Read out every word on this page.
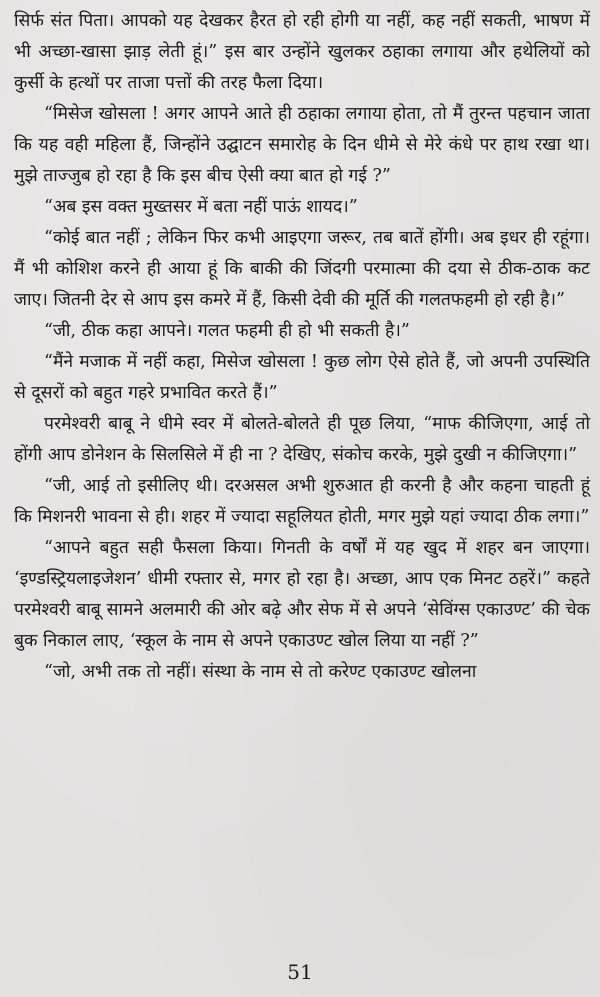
सिर्फ संत पिता। आपको यह देखकर हैरत हो रही होगी या नहीं, कह नहीं सकती, भाषण में भी अच्छा-खासा झाड़ लेती हूं।” इस बार उन्होंने खुलकर ठहाका लगाया और हथेलियों को कुर्सी के हत्थों पर ताजा पत्तों की तरह फैला दिया।

“मिसेज खोसला ! अगर आपने आते ही ठहाका लगाया होता, तो मैं तुरन्त पहचान जाता कि यह वही महिला हैं, जिन्होंने उद्घाटन समारोह के दिन धीमे से मेरे कंधे पर हाथ रखा था। मुझे ताज्जुब हो रहा है कि इस बीच ऐसी क्या बात हो गई ?”

“अब इस वक्त मुख्तसर में बता नहीं पाऊं शायद।”

“कोई बात नहीं ; लेकिन फिर कभी आइएगा जरूर, तब बातें होंगी। अब इधर ही रहूंगा। मैं भी कोशिश करने ही आया हूं कि बाकी की जिंदगी परमात्मा की दया से ठीक-ठाक कट जाए। जितनी देर से आप इस कमरे में हैं, किसी देवी की मूर्ति की गलतफहमी हो रही है।”

“जी, ठीक कहा आपने। गलत फहमी ही हो भी सकती है।”

“मैंने मजाक में नहीं कहा, मिसेज खोसला ! कुछ लोग ऐसे होते हैं, जो अपनी उपस्थिति से दूसरों को बहुत गहरे प्रभावित करते हैं।”

परमेश्वरी बाबू ने धीमे स्वर में बोलते-बोलते ही पूछ लिया, “माफ कीजिएगा, आई तो होंगी आप डोनेशन के सिलसिले में ही ना ? देखिए, संकोच करके, मुझे दुखी न कीजिएगा।”

“जी, आई तो इसीलिए थी। दरअसल अभी शुरुआत ही करनी है और कहना चाहती हूं कि मिशनरी भावना से ही। शहर में ज्यादा सहूलियत होती, मगर मुझे यहां ज्यादा ठीक लगा।”

“आपने बहुत सही फैसला किया। गिनती के वर्षों में यह खुद में शहर बन जाएगा। ‘इण्डस्ट्रियलाइजेशन’ धीमी रफ्तार से, मगर हो रहा है। अच्छा, आप एक मिनट ठहरें।” कहते परमेश्वरी बाबू सामने अलमारी की ओर बढ़े और सेफ में से अपने ‘सेविंग्स एकाउण्ट’ की चेक बुक निकाल लाए, ‘स्कूल के नाम से अपने एकाउण्ट खोल लिया या नहीं ?”

“जो, अभी तक तो नहीं। संस्था के नाम से तो करेण्ट एकाउण्ट खोलना

51
